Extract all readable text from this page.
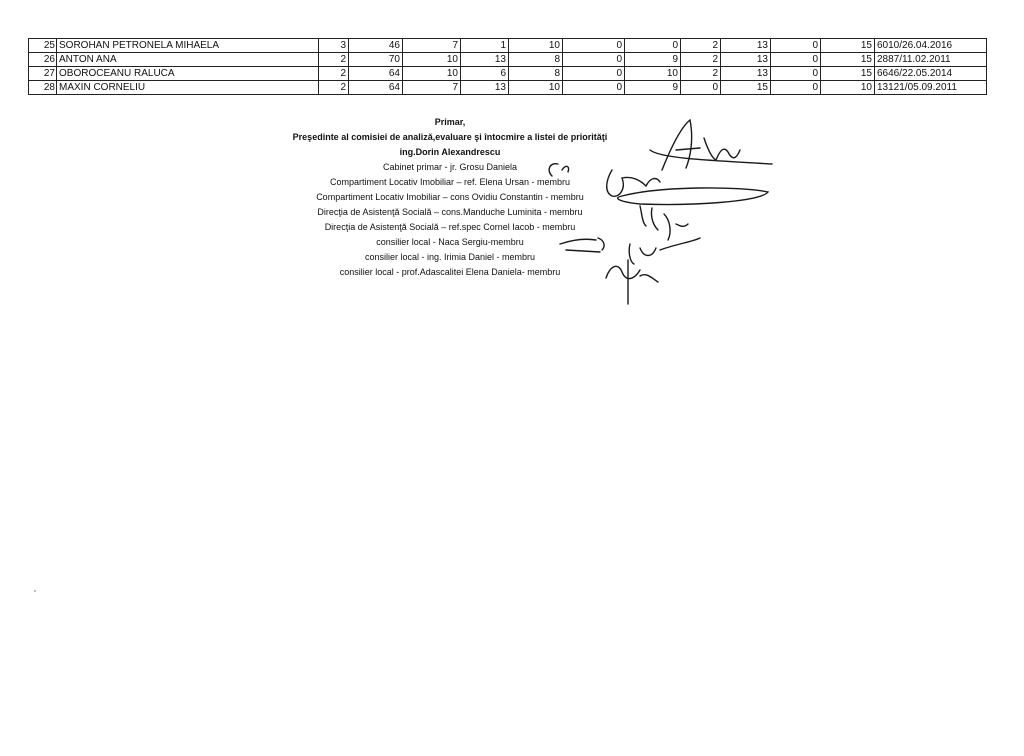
25	SOROHAN PETRONELA MIHAELA	3	46	7	1	10	0	0	2	13	0	15	6010/26.04.2016
26	ANTON ANA	2	70	10	13	8	0	9	2	13	0	15	2887/11.02.2011
27	OBOROCEANU RALUCA	2	64	10	6	8	0	10	2	13	0	15	6646/22.05.2014
28	MAXIN CORNELIU	2	64	7	13	10	0	9	0	15	0	10	13121/05.09.2011
Primar,
Preşedinte al comisiei de analiză,evaluare şi întocmire a listei de priorităţi
ing.Dorin Alexandrescu
Cabinet primar - jr. Grosu Daniela
Compartiment Locativ Imobiliar – ref. Elena Ursan - membru
Compartiment Locativ Imobiliar – cons Ovidiu Constantin - membru
Direcţia de Asistenţă Socială – cons.Manduche Luminita - membru
Direcţia de Asistenţă Socială – ref.spec Cornel Iacob - membru
consilier local - Naca Sergiu-membru
consilier local - ing. Irimia Daniel - membru
consilier local - prof.Adascalitei Elena Daniela- membru
